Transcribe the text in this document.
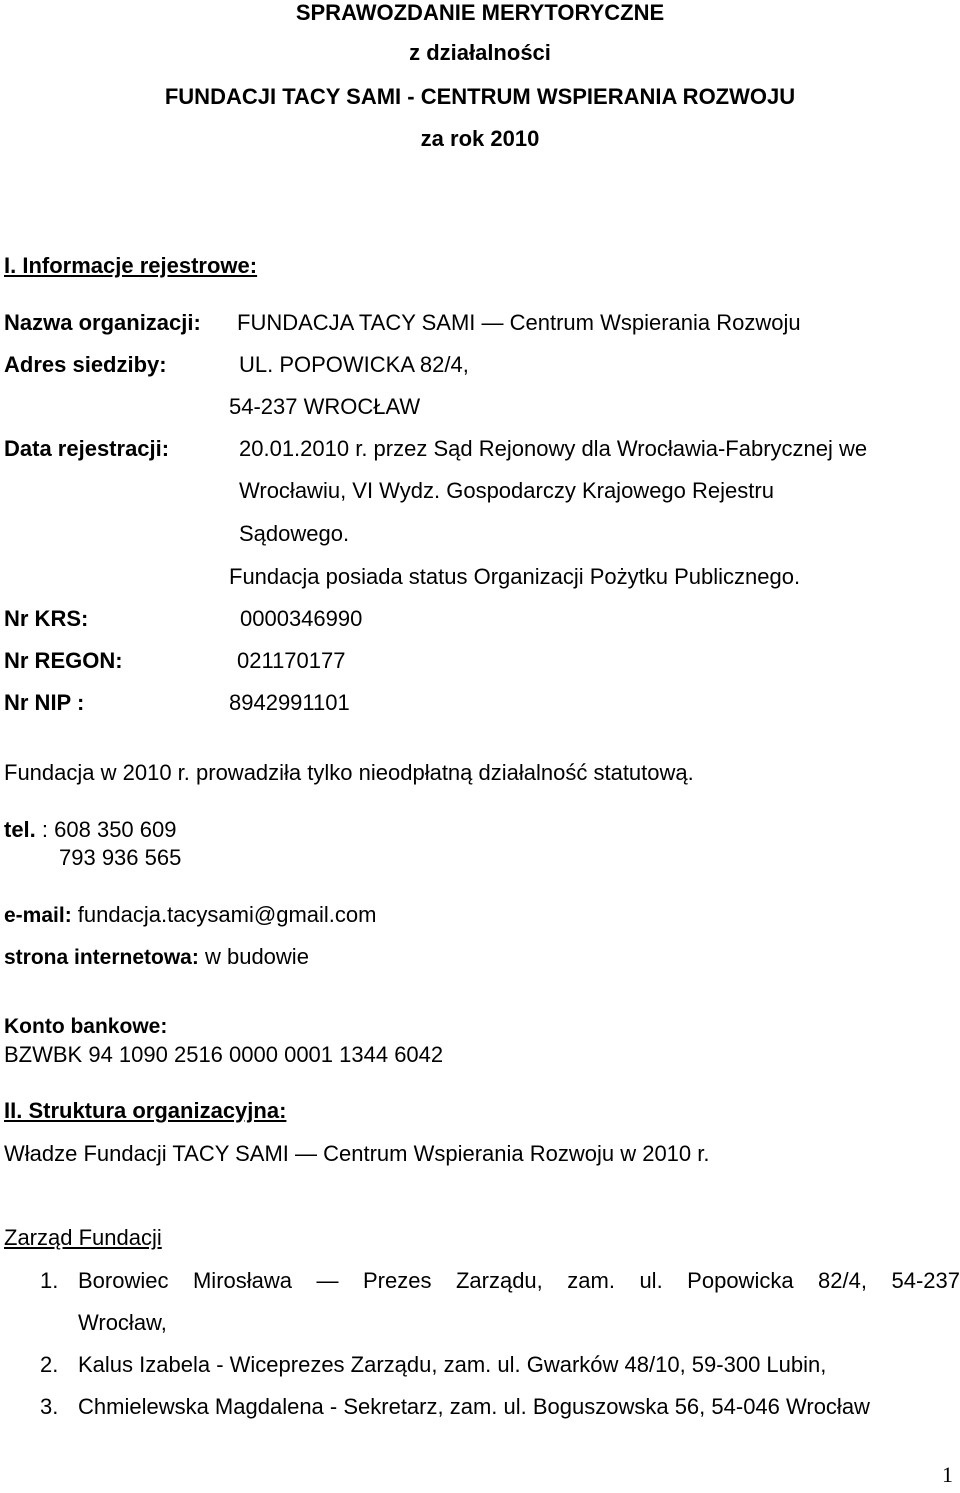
SPRAWOZDANIE MERYTORYCZNE
z działalności
FUNDACJI TACY SAMI - CENTRUM WSPIERANIA ROZWOJU
za rok 2010
I. Informacje rejestrowe:
Nazwa organizacji: FUNDACJA TACY SAMI — Centrum Wspierania Rozwoju
Adres siedziby:	UL. POPOWICKA 82/4,
54-237 WROCŁAW
Data rejestracji:	20.01.2010 r. przez Sąd Rejonowy dla Wrocławia-Fabrycznej we
Wrocławiu, VI Wydz. Gospodarczy Krajowego Rejestru
Sądowego.
Fundacja posiada status Organizacji Pożytku Publicznego.
Nr KRS:	0000346990
Nr REGON:	021170177
Nr NIP :	8942991101
Fundacja w 2010 r. prowadziła tylko nieodpłatną działalność statutową.
tel. : 608 350 609
793 936 565
e-mail: fundacja.tacysami@gmail.com
strona internetowa: w budowie
Konto bankowe:
BZWBK 94 1090 2516 0000 0001 1344 6042
II. Struktura organizacyjna:
Władze Fundacji TACY SAMI — Centrum Wspierania Rozwoju w 2010 r.
Zarząd Fundacji
1. Borowiec Mirosława — Prezes Zarządu, zam. ul. Popowicka 82/4, 54-237
Wrocław,
2. Kalus Izabela - Wiceprezes Zarządu, zam. ul. Gwarków 48/10, 59-300 Lubin,
3. Chmielewska Magdalena - Sekretarz, zam. ul. Boguszowska 56, 54-046 Wrocław
1
